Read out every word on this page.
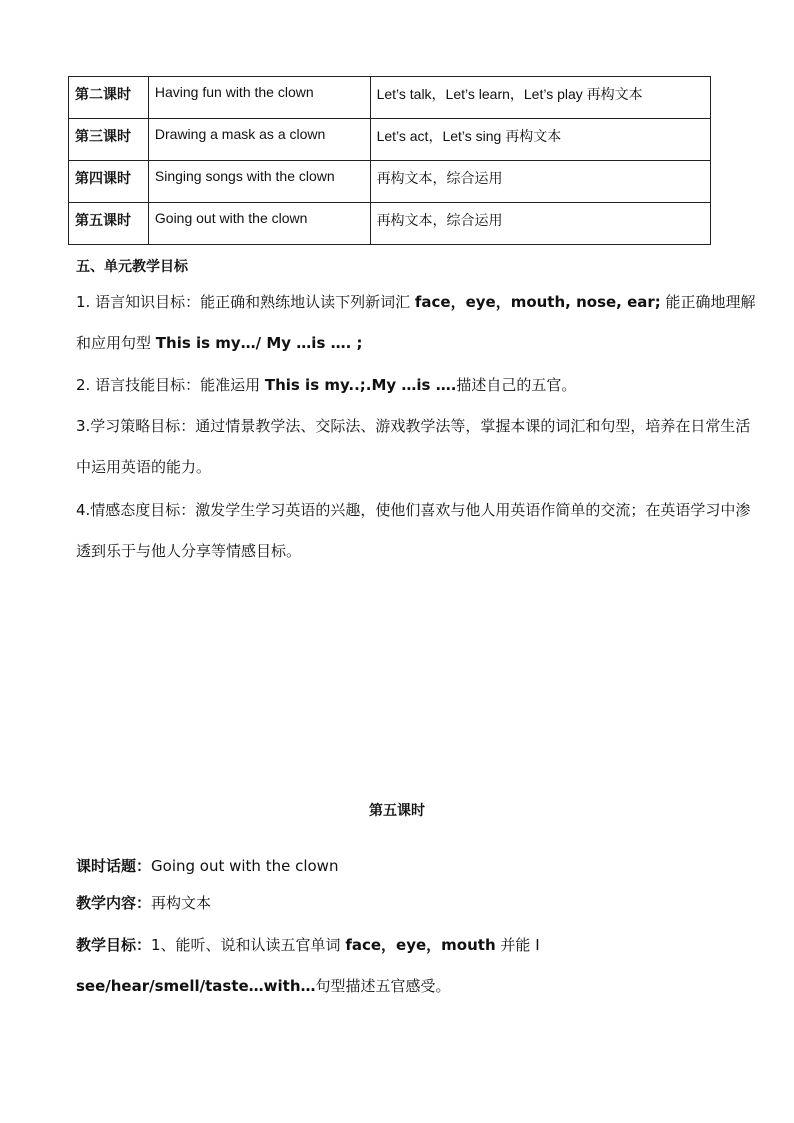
第二课时	Having fun with the clown	Let’s talk，Let’s learn，Let’s play 再构文本
第三课时	Drawing a mask as a clown	Let’s act，Let’s sing 再构文本
第四课时	Singing songs with the clown	再构文本，综合运用
第五课时	Going out with the clown	再构文本，综合运用
五、单元教学目标
1. 语言知识目标：能正确和熟练地认读下列新词汇 face，eye，mouth, nose, ear; 能正确地理解和应用句型 This is my…/ My …is …. ;
2. 语言技能目标：能准运用 This is my..;.My …is ….描述自己的五官。
3.学习策略目标：通过情景教学法、交际法、游戏教学法等，掌握本课的词汇和句型，培养在日常生活中运用英语的能力。
4.情感态度目标：激发学生学习英语的兴趣，使他们喜欢与他人用英语作简单的交流；在英语学习中渗透到乐于与他人分享等情感目标。
第五课时
课时话题：Going out with the clown
教学内容：再构文本
教学目标：1、能听、说和认读五官单词 face，eye，mouth 并能 I
see/hear/smell/taste…with…句型描述五官感受。
